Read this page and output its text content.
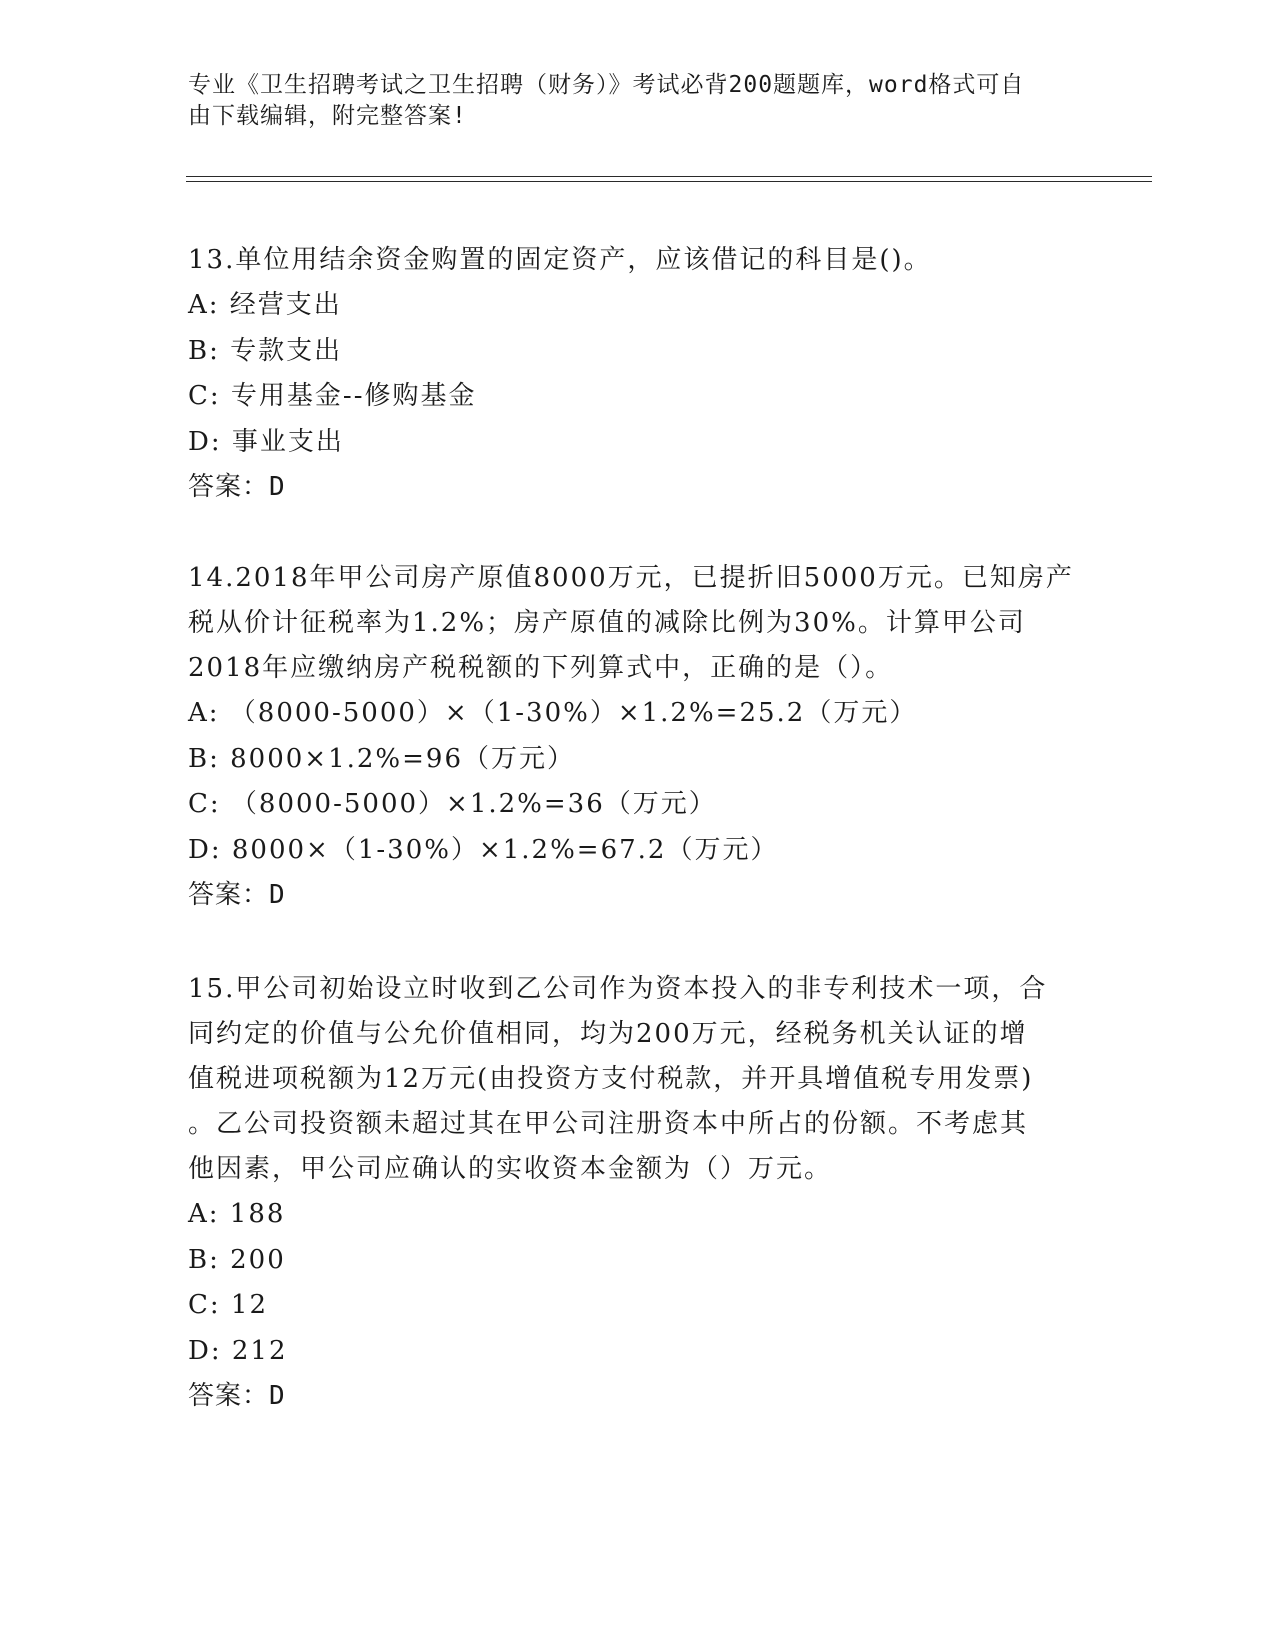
专业《卫生招聘考试之卫生招聘（财务）》考试必背200题题库，word格式可自
由下载编辑，附完整答案!

13.单位用结余资金购置的固定资产，应该借记的科目是()。

A: 经营支出

B: 专款支出

C: 专用基金--修购基金

D: 事业支出

答案：D

14.2018年甲公司房产原值8000万元，已提折旧5000万元。已知房产

税从价计征税率为1.2%；房产原值的减除比例为30%。计算甲公司

2018年应缴纳房产税税额的下列算式中，正确的是（）。

A: （8000-5000）×（1-30%）×1.2%=25.2（万元）

B: 8000×1.2%=96（万元）

C: （8000-5000）×1.2%=36（万元）

D: 8000×（1-30%）×1.2%=67.2（万元）

答案：D

15.甲公司初始设立时收到乙公司作为资本投入的非专利技术一项，合

同约定的价值与公允价值相同，均为200万元，经税务机关认证的增

值税进项税额为12万元(由投资方支付税款，并开具增值税专用发票)

。乙公司投资额未超过其在甲公司注册资本中所占的份额。不考虑其

他因素，甲公司应确认的实收资本金额为（）万元。

A: 188

B: 200

C: 12

D: 212

答案：D
